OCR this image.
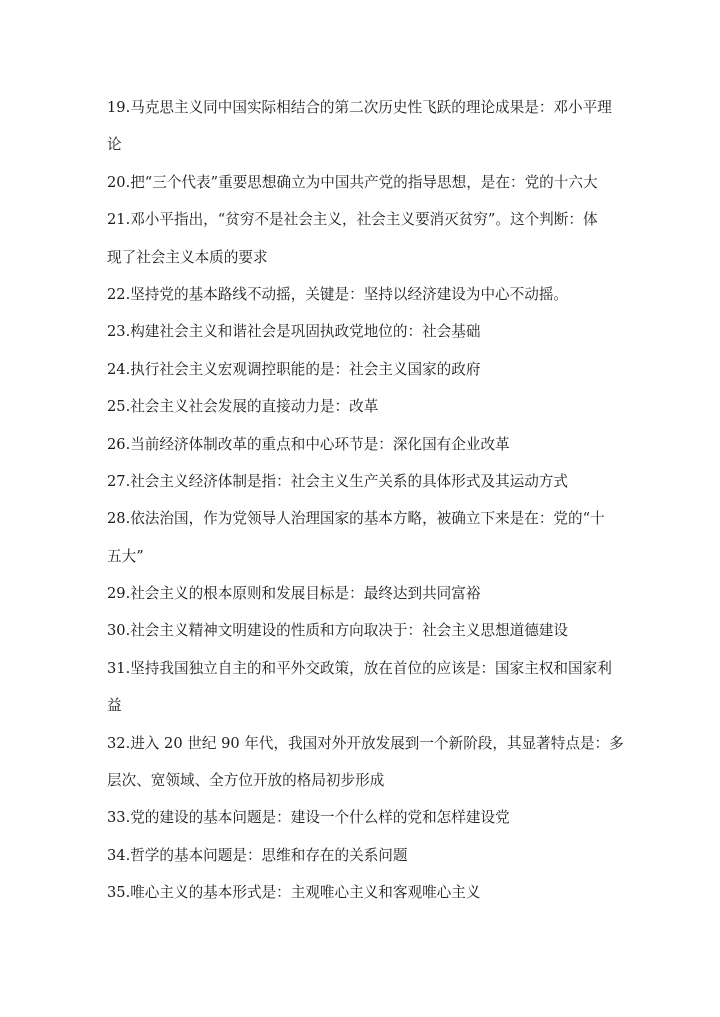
19.马克思主义同中国实际相结合的第二次历史性飞跃的理论成果是：邓小平理
论
20.把“三个代表”重要思想确立为中国共产党的指导思想，是在：党的十六大
21.邓小平指出，“贫穷不是社会主义，社会主义要消灭贫穷”。这个判断：体
现了社会主义本质的要求
22.坚持党的基本路线不动摇，关键是：坚持以经济建设为中心不动摇。
23.构建社会主义和谐社会是巩固执政党地位的：社会基础
24.执行社会主义宏观调控职能的是：社会主义国家的政府
25.社会主义社会发展的直接动力是：改革
26.当前经济体制改革的重点和中心环节是：深化国有企业改革
27.社会主义经济体制是指：社会主义生产关系的具体形式及其运动方式
28.依法治国，作为党领导人治理国家的基本方略，被确立下来是在：党的“十
五大”
29.社会主义的根本原则和发展目标是：最终达到共同富裕
30.社会主义精神文明建设的性质和方向取决于：社会主义思想道德建设
31.坚持我国独立自主的和平外交政策，放在首位的应该是：国家主权和国家利
益
32.进入 20 世纪 90 年代，我国对外开放发展到一个新阶段，其显著特点是：多
层次、宽领域、全方位开放的格局初步形成
33.党的建设的基本问题是：建设一个什么样的党和怎样建设党
34.哲学的基本问题是：思维和存在的关系问题
35.唯心主义的基本形式是：主观唯心主义和客观唯心主义
